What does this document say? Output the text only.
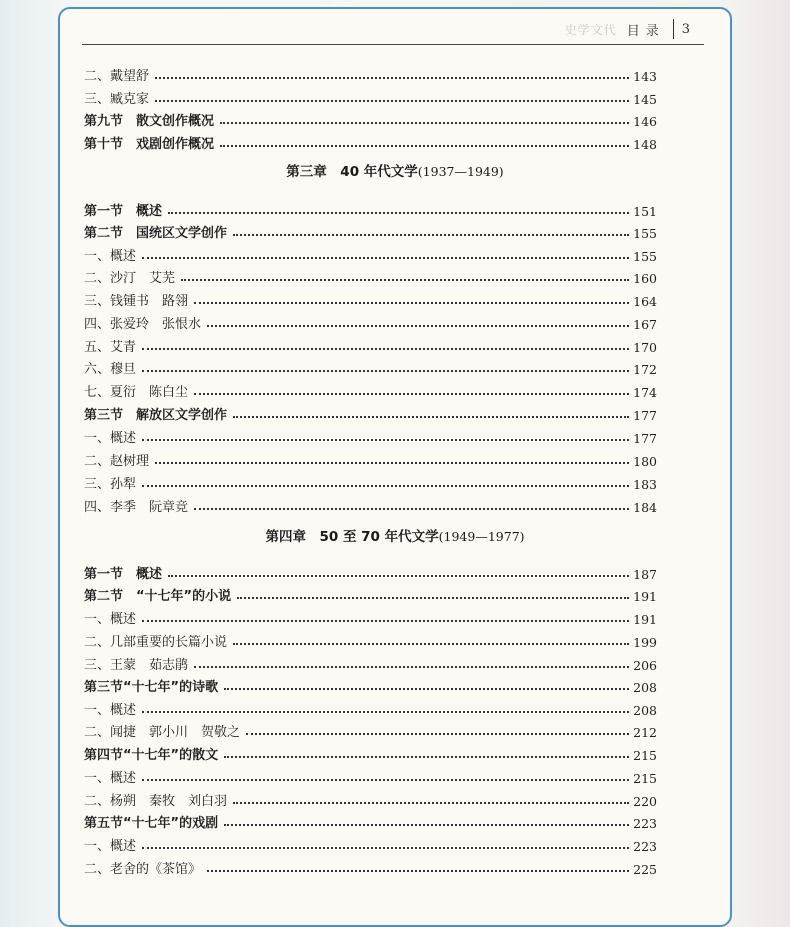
史学文代 目录 3
二、戴望舒	143
三、臧克家	145
第九节　散文创作概况	146
第十节　戏剧创作概况	148
第三章　40 年代文学(1937—1949)
第一节　概述	151
第二节　国统区文学创作	155
一、概述	155
二、沙汀　艾芜	160
三、钱锺书　路翎	164
四、张爱玲　张恨水	167
五、艾青	170
六、穆旦	172
七、夏衍　陈白尘	174
第三节　解放区文学创作	177
一、概述	177
二、赵树理	180
三、孙犁	183
四、李季　阮章竞	184
第四章　50 至 70 年代文学(1949—1977)
第一节　概述	187
第二节　“十七年”的小说	191
一、概述	191
二、几部重要的长篇小说	199
三、王蒙　茹志鹃	206
第三节“十七年”的诗歌	208
一、概述	208
二、闻捷　郭小川　贺敬之	212
第四节“十七年”的散文	215
一、概述	215
二、杨朔　秦牧　刘白羽	220
第五节“十七年”的戏剧	223
一、概述	223
二、老舍的《茶馆》	225
